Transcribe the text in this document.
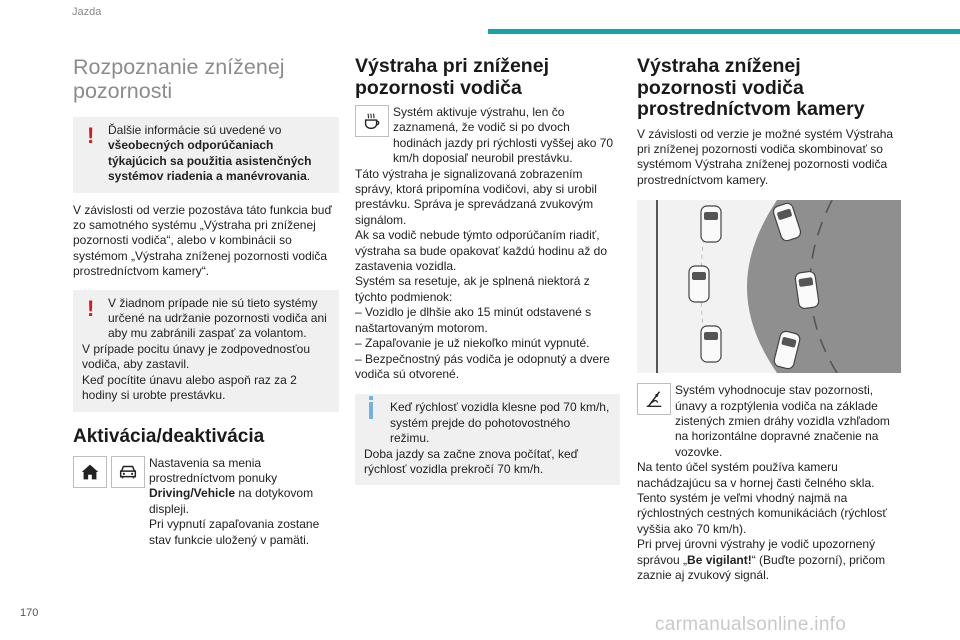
Jazda
Rozpoznanie zníženej
pozornosti
!	Ďalšie informácie sú uvedené vo všeobecných odporúčaniach týkajúcich sa použitia asistenčných systémov riadenia a manévrovania.

V závislosti od verzie pozostáva táto funkcia buď zo samotného systému „Výstraha pri zníženej pozornosti vodiča“, alebo v kombinácii so systémom „Výstraha zníženej pozornosti vodiča prostredníctvom kamery“.

!	V žiadnom prípade nie sú tieto systémy určené na udržanie pozornosti vodiča ani aby mu zabránili zaspať za volantom.

V prípade pocitu únavy je zodpovednosťou vodiča, aby zastavil.

Keď pocítite únavu alebo aspoň raz za 2 hodiny si urobte prestávku.

Aktivácia/deaktivácia

Nastavenia sa menia prostredníctvom ponuky

Driving/Vehicle na dotykovom displeji.

Pri vypnutí zapaľovania zostane stav funkcie uložený v pamäti.

Výstraha pri zníženej
pozornosti vodiča

Systém aktivuje výstrahu, len čo zaznamená, že vodič si po dvoch hodinách jazdy pri rýchlosti vyššej ako 70 km/h doposiaľ neurobil prestávku.

Táto výstraha je signalizovaná zobrazením správy, ktorá pripomína vodičovi, aby si urobil prestávku. Správa je sprevádzaná zvukovým signálom.

Ak sa vodič nebude týmto odporúčaním riadiť, výstraha sa bude opakovať každú hodinu až do zastavenia vozidla.

Systém sa resetuje, ak je splnená niektorá z týchto podmienok:

– Vozidlo je dlhšie ako 15 minút odstavené s naštartovaným motorom.

– Zapaľovanie je už niekoľko minút vypnuté.

– Bezpečnostný pás vodiča je odopnutý a dvere vodiča sú otvorené.

Keď rýchlosť vozidla klesne pod 70 km/h, systém prejde do pohotovostného režimu.

Doba jazdy sa začne znova počítať, keď rýchlosť vozidla prekročí 70 km/h.

Výstraha zníženej
pozornosti vodiča
prostredníctvom kamery

V závislosti od verzie je možné systém Výstraha pri zníženej pozornosti vodiča skombinovať so systémom Výstraha zníženej pozornosti vodiča prostredníctvom kamery.

Systém vyhodnocuje stav pozornosti, únavy a rozptýlenia vodiča na základe zistených zmien dráhy vozidla vzhľadom na horizontálne dopravné značenie na vozovke.

Na tento účel systém používa kameru nachádzajúcu sa v hornej časti čelného skla.

Tento systém je veľmi vhodný najmä na rýchlostných cestných komunikáciách (rýchlosť vyššia ako 70 km/h).

Pri prvej úrovni výstrahy je vodič upozornený správou „Be vigilant!“ (Buďte pozorní), pričom zaznie aj zvukový signál.

170
carmanualsonline.info
